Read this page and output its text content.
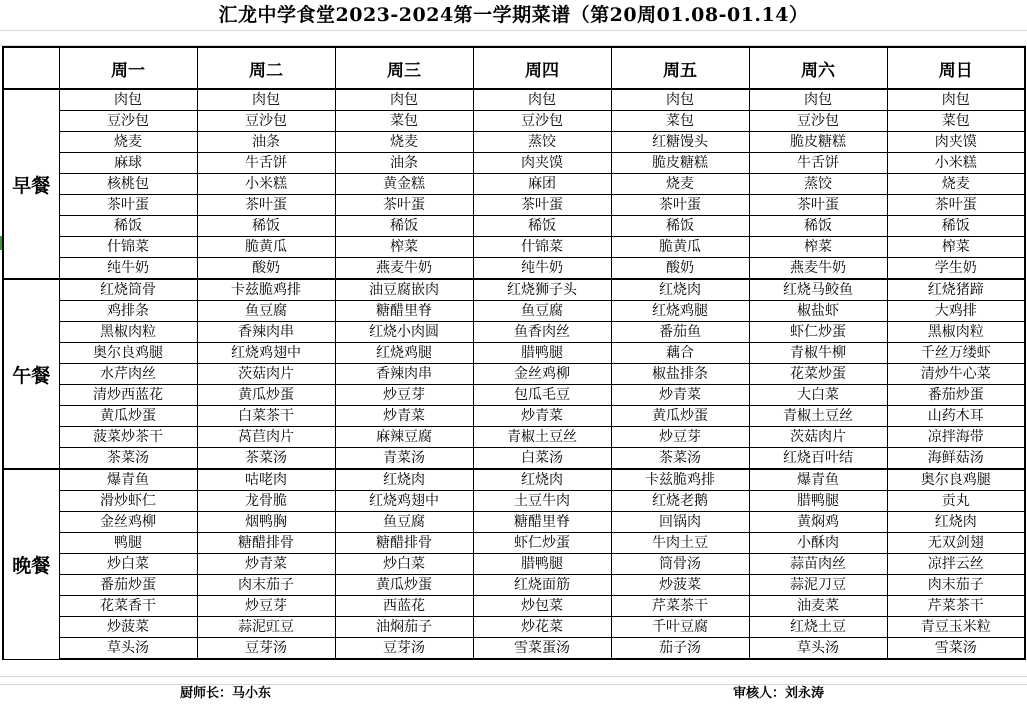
汇龙中学食堂2023-2024第一学期菜谱（第20周01.08-01.14）
	周一	周二	周三	周四	周五	周六	周日
早餐	肉包	肉包	肉包	肉包	肉包	肉包	肉包
	豆沙包	豆沙包	菜包	豆沙包	菜包	豆沙包	菜包
	烧麦	油条	烧麦	蒸饺	红糖馒头	脆皮糖糕	肉夹馍
	麻球	牛舌饼	油条	肉夹馍	脆皮糖糕	牛舌饼	小米糕
	核桃包	小米糕	黄金糕	麻团	烧麦	蒸饺	烧麦
	茶叶蛋	茶叶蛋	茶叶蛋	茶叶蛋	茶叶蛋	茶叶蛋	茶叶蛋
	稀饭	稀饭	稀饭	稀饭	稀饭	稀饭	稀饭
	什锦菜	脆黄瓜	榨菜	什锦菜	脆黄瓜	榨菜	榨菜
	纯牛奶	酸奶	燕麦牛奶	纯牛奶	酸奶	燕麦牛奶	学生奶
午餐	红烧筒骨	卡兹脆鸡排	油豆腐嵌肉	红烧狮子头	红烧肉	红烧马鲛鱼	红烧猪蹄
	鸡排条	鱼豆腐	糖醋里脊	鱼豆腐	红烧鸡腿	椒盐虾	大鸡排
	黑椒肉粒	香辣肉串	红烧小肉圆	鱼香肉丝	番茄鱼	虾仁炒蛋	黑椒肉粒
	奥尔良鸡腿	红烧鸡翅中	红烧鸡腿	腊鸭腿	藕合	青椒牛柳	千丝万缕虾
	水芹肉丝	茨菇肉片	香辣肉串	金丝鸡柳	椒盐排条	花菜炒蛋	清炒牛心菜
	清炒西蓝花	黄瓜炒蛋	炒豆芽	包瓜毛豆	炒青菜	大白菜	番茄炒蛋
	黄瓜炒蛋	白菜茶干	炒青菜	炒青菜	黄瓜炒蛋	青椒土豆丝	山药木耳
	菠菜炒茶干	莴苣肉片	麻辣豆腐	青椒土豆丝	炒豆芽	茨菇肉片	凉拌海带
	茶菜汤	茶菜汤	青菜汤	白菜汤	茶菜汤	红烧百叶结	海鲜菇汤
晚餐	爆青鱼	咕咾肉	红烧肉	红烧肉	卡兹脆鸡排	爆青鱼	奥尔良鸡腿
	滑炒虾仁	龙骨脆	红烧鸡翅中	土豆牛肉	红烧老鹅	腊鸭腿	贡丸
	金丝鸡柳	烟鸭胸	鱼豆腐	糖醋里脊	回锅肉	黄焖鸡	红烧肉
	鸭腿	糖醋排骨	糖醋排骨	虾仁炒蛋	牛肉土豆	小酥肉	无双剑翅
	炒白菜	炒青菜	炒白菜	腊鸭腿	筒骨汤	蒜苗肉丝	凉拌云丝
	番茄炒蛋	肉末茄子	黄瓜炒蛋	红烧面筋	炒菠菜	蒜泥刀豆	肉末茄子
	花菜香干	炒豆芽	西蓝花	炒包菜	芹菜茶干	油麦菜	芹菜茶干
	炒菠菜	蒜泥豇豆	油焖茄子	炒花菜	千叶豆腐	红烧土豆	青豆玉米粒
	草头汤	豆芽汤	豆芽汤	雪菜蛋汤	茄子汤	草头汤	雪菜汤
厨师长：马小东	审核人：刘永涛
